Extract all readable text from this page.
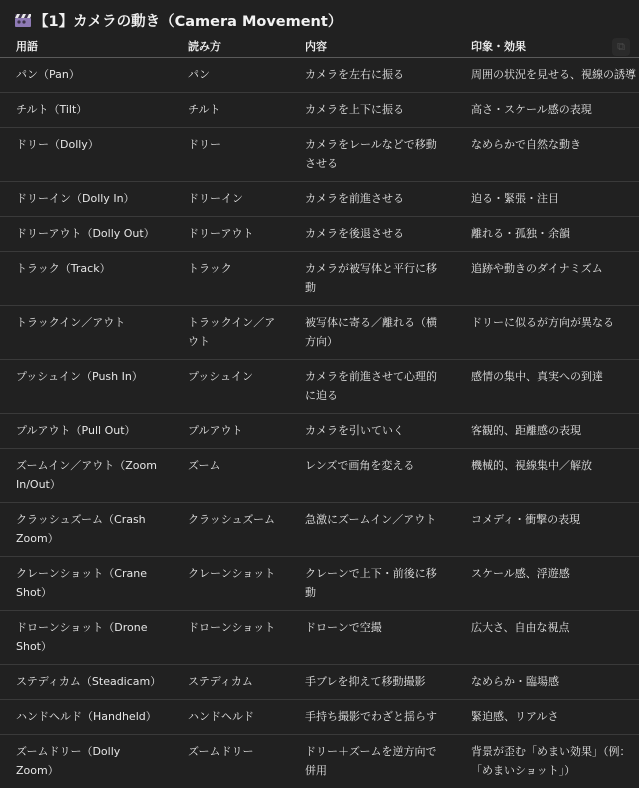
【1】カメラの動き（Camera Movement）
⧉
用語	読み方	内容	印象・効果
パン（Pan）	パン	カメラを左右に振る	周囲の状況を見せる、視線の誘導
チルト（Tilt）	チルト	カメラを上下に振る	高さ・スケール感の表現
ドリー（Dolly）	ドリー	カメラをレールなどで移動させる	なめらかで自然な動き
ドリーイン（Dolly In）	ドリーイン	カメラを前進させる	迫る・緊張・注目
ドリーアウト（Dolly Out）	ドリーアウト	カメラを後退させる	離れる・孤独・余韻
トラック（Track）	トラック	カメラが被写体と平行に移動	追跡や動きのダイナミズム
トラックイン／アウト	トラックイン／アウト	被写体に寄る／離れる（横方向）	ドリーに似るが方向が異なる
プッシュイン（Push In）	プッシュイン	カメラを前進させて心理的に迫る	感情の集中、真実への到達
プルアウト（Pull Out）	プルアウト	カメラを引いていく	客観的、距離感の表現
ズームイン／アウト（Zoom In/Out）	ズーム	レンズで画角を変える	機械的、視線集中／解放
クラッシュズーム（Crash Zoom）	クラッシュズーム	急激にズームイン／アウト	コメディ・衝撃の表現
クレーンショット（Crane Shot）	クレーンショット	クレーンで上下・前後に移動	スケール感、浮遊感
ドローンショット（Drone Shot）	ドローンショット	ドローンで空撮	広大さ、自由な視点
ステディカム（Steadicam）	ステディカム	手ブレを抑えて移動撮影	なめらか・臨場感
ハンドヘルド（Handheld）	ハンドヘルド	手持ち撮影でわざと揺らす	緊迫感、リアルさ
ズームドリー（Dolly Zoom）	ズームドリー	ドリー＋ズームを逆方向で併用	背景が歪む「めまい効果」（例：
「めまいショット」）
